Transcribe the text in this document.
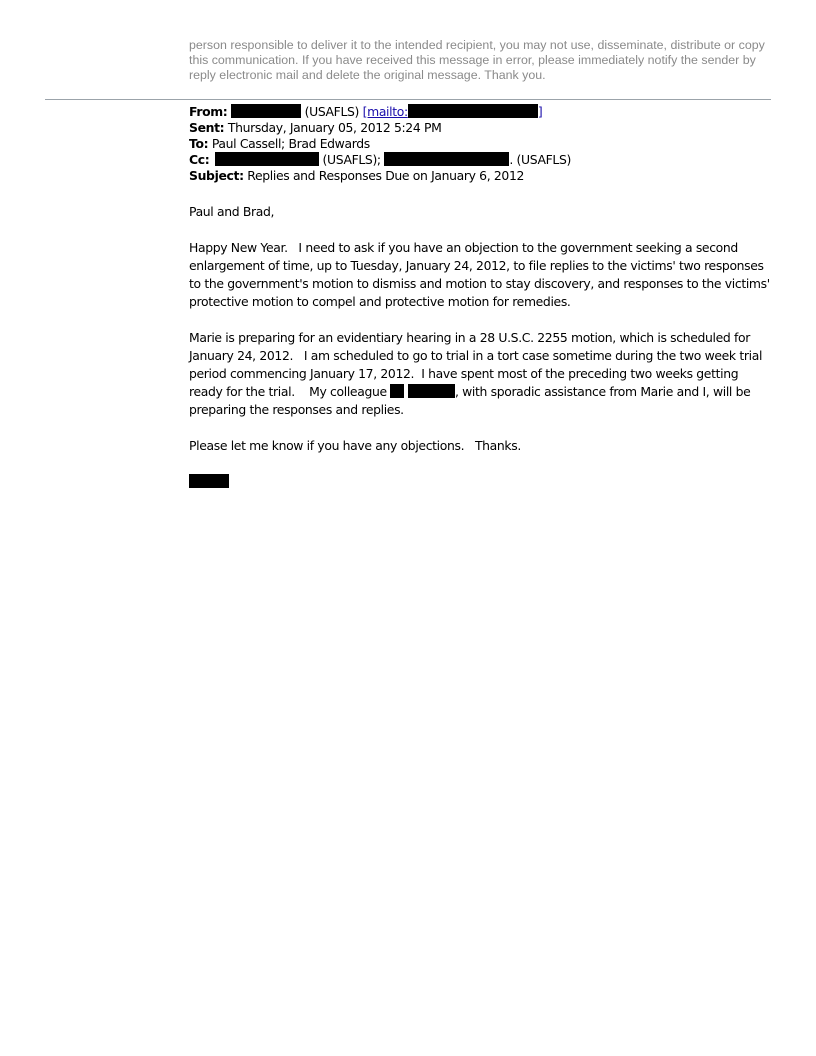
person responsible to deliver it to the intended recipient, you may not use, disseminate, distribute or copy this communication. If you have received this message in error, please immediately notify the sender by reply electronic mail and delete the original message. Thank you.
From:	(USAFLS) [mailto:	]
Sent: Thursday, January 05, 2012 5:24 PM
To: Paul Cassell; Brad Edwards
Cc:	(USAFLS);	. (USAFLS)
Subject: Replies and Responses Due on January 6, 2012

Paul and Brad,

Happy New Year.   I need to ask if you have an objection to the government seeking a second enlargement of time, up to Tuesday, January 24, 2012, to file replies to the victims' two responses to the government's motion to dismiss and motion to stay discovery, and responses to the victims' protective motion to compel and protective motion for remedies.

Marie is preparing for an evidentiary hearing in a 28 U.S.C. 2255 motion, which is scheduled for January 24, 2012.   I am scheduled to go to trial in a tort case sometime during the two week trial period commencing January 17, 2012.  I have spent most of the preceding two weeks getting ready for the trial.    My colleague	, with sporadic assistance from Marie and I, will be preparing the responses and replies.

Please let me know if you have any objections.   Thanks.
